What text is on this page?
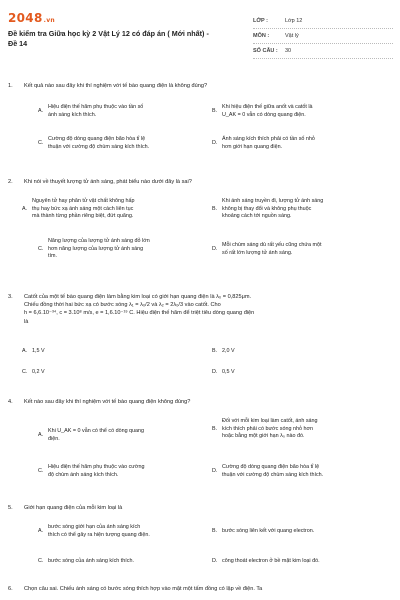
2048.vn
Đề kiểm tra Giữa học kỳ 2 Vật Lý 12 có đáp án ( Mới nhất) -
Đề 14
LỚP :	Lớp 12
MÔN :	Vật lý
SỐ CÂU : 30
1. Kết quả nào sau đây khi thí nghiệm với tế bào quang điện là không đúng?
A.
Hiệu điện thế hãm phụ thuộc vào tần số
ánh sáng kích thích.
B.
Khi hiệu điện thế giữa anốt và catốt là
U_AK = 0 vẫn có dòng quang điện.
C.
Cường độ dòng quang điện bão hòa tỉ lệ
thuận với cường độ chùm sáng kích thích.
D.
Ánh sáng kích thích phải có tần số nhỏ
hơn giới hạn quang điện.
2. Khi nói về thuyết lượng tử ánh sáng, phát biểu nào dưới đây là sai?
A.
Nguyên tử hay phân tử vật chất không hấp
thụ hay bức xạ ánh sáng một cách liên tục
mà thành từng phần riêng biệt, đứt quãng.
B.
Khi ánh sáng truyền đi, lượng tử ánh sáng
không bị thay đổi và không phụ thuộc
khoảng cách tới nguồn sáng.
C.
Năng lượng của lượng tử ánh sáng đỏ lớn
hơn năng lượng của lượng tử ánh sáng
tím.
D.
Mỗi chùm sáng dù rất yếu cũng chứa một
số rất lớn lượng tử ánh sáng.
3. Catốt của một tế bào quang điện làm bằng kim loại có giới hạn quang điện là λ₀ = 0,825μm.
Chiếu đồng thời hai bức xạ có bước sóng λ₁ = λ₀/2 và λ₂ = 2λ₀/3 vào catốt. Cho
h = 6,6.10⁻³⁴, c = 3.10⁸ m/s, e = 1,6.10⁻¹⁹ C. Hiệu điện thế hãm để triệt tiêu dòng quang điện
là
A. 1,5 V	B. 2,0 V
C. 0,2 V	D. 0,5 V
4. Kết nào sau đây khi thí nghiệm với tế bào quang điện không đúng?
A.
Khi U_AK = 0 vẫn có thể có dòng quang
điện.
B.
Đối với mỗi kim loại làm catốt, ánh sáng
kích thích phải có bước sóng nhỏ hơn
hoặc bằng một giới hạn λ₀ nào đó.
C.
Hiệu điện thế hãm phụ thuộc vào cường
độ chùm ánh sáng kích thích.
D.
Cường độ dòng quang điện bão hòa tỉ lệ
thuận với cường độ chùm sáng kích thích.
5. Giới hạn quang điện của mỗi kim loại là
A.
bước sóng giới hạn của ánh sáng kích
thích có thể gây ra hiện tượng quang điện.
B. bước sóng liên kết với quang electron.
C. bước sóng của ánh sáng kích thích.	D. công thoát electron ở bề mặt kim loại đó.
6. Chọn câu sai. Chiếu ánh sáng có bước sóng thích hợp vào mặt một tấm đồng có lập về điện. Ta
